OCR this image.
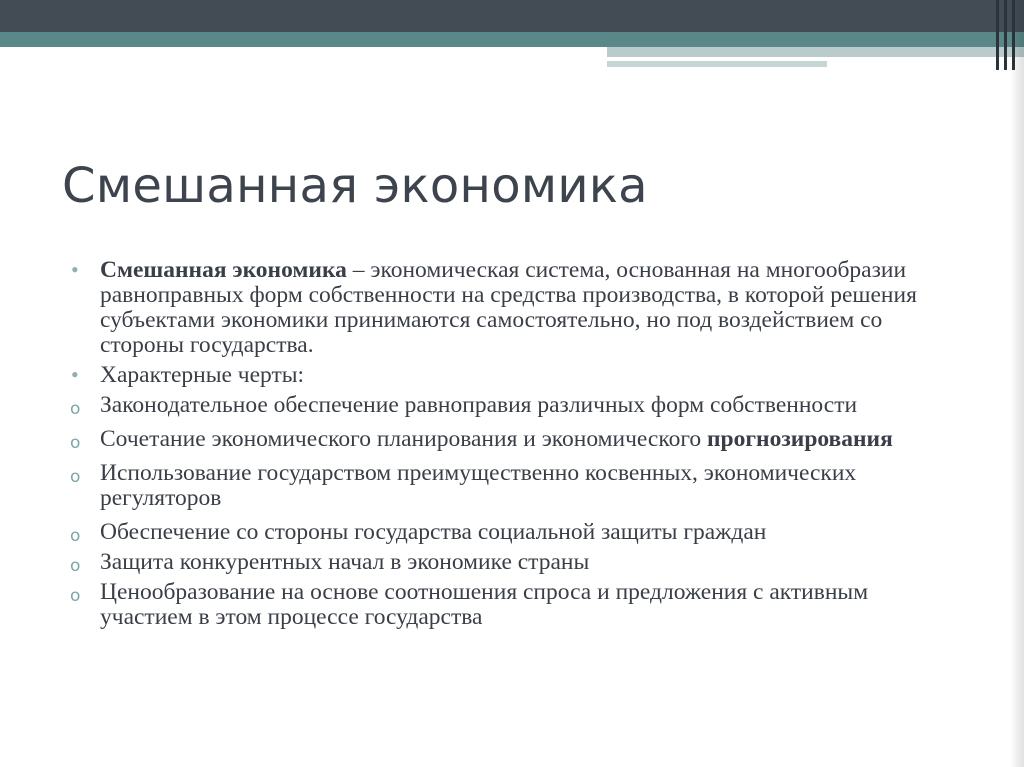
Смешанная экономика
• Смешанная экономика – экономическая система, основанная на многообразии равноправных форм собственности на средства производства, в которой решения субъектами экономики принимаются самостоятельно, но под воздействием со стороны государства.
• Характерные черты:
o Законодательное обеспечение равноправия различных форм собственности
o Сочетание экономического планирования и экономического прогнозирования
o Использование государством преимущественно косвенных, экономических регуляторов
o Обеспечение со стороны государства социальной защиты граждан
o Защита конкурентных начал в экономике страны
o Ценообразование на основе соотношения спроса и предложения с активным участием в этом процессе государства
